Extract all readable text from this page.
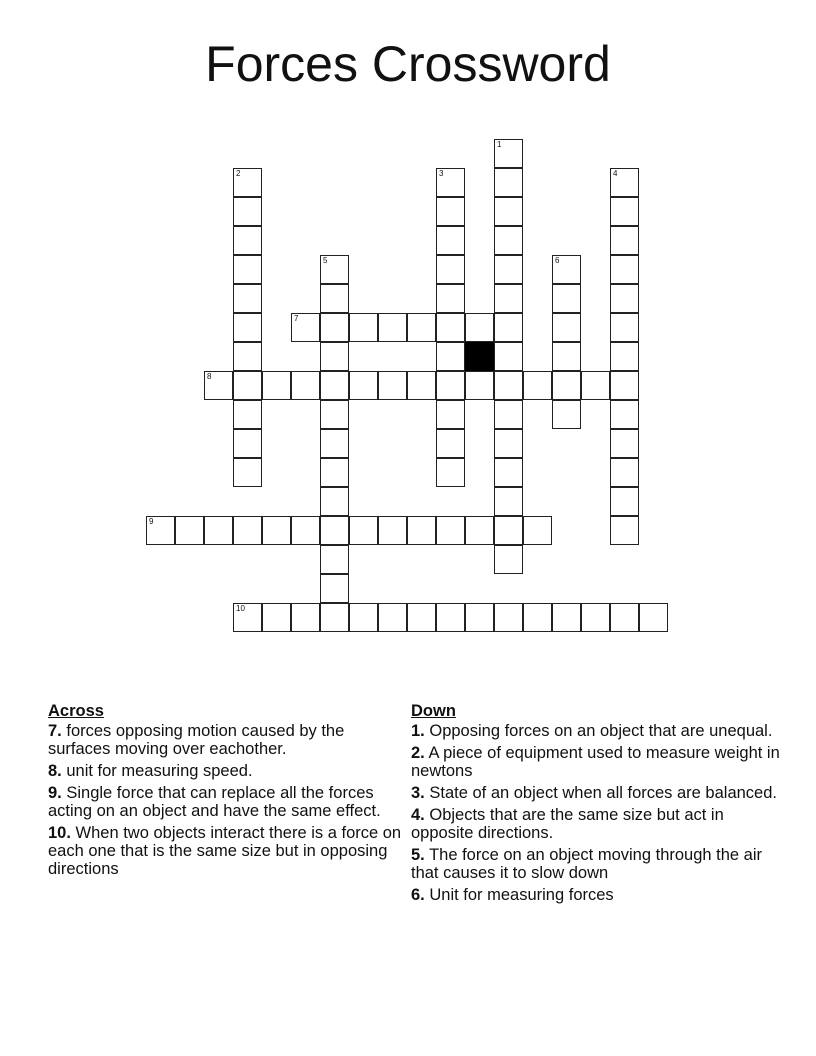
Forces Crossword
1
2	3	4
5	6
7
8
9
10
Across
7. forces opposing motion caused by the surfaces moving over eachother.
8. unit for measuring speed.
9. Single force that can replace all the forces acting on an object and have the same effect.
10. When two objects interact there is a force on each one that is the same size but in opposing directions
Down
1. Opposing forces on an object that are unequal.
2. A piece of equipment used to measure weight in newtons
3. State of an object when all forces are balanced.
4. Objects that are the same size but act in opposite directions.
5. The force on an object moving through the air that causes it to slow down
6. Unit for measuring forces
